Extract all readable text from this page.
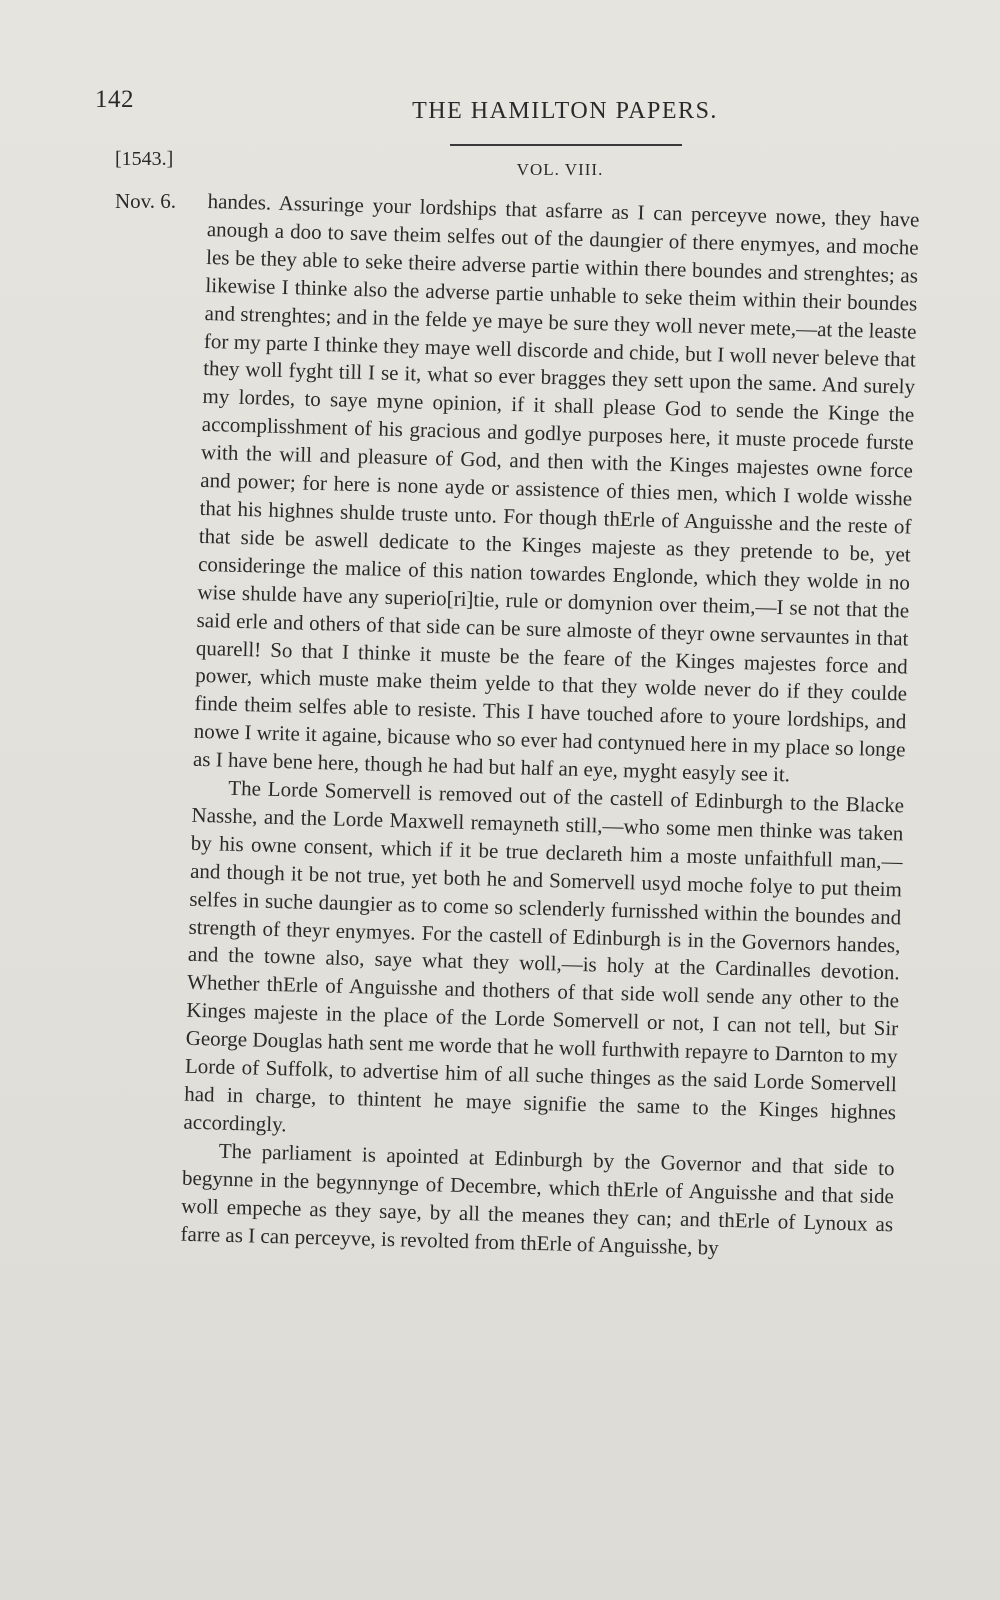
142	THE HAMILTON PAPERS.
[1543.]	VOL. VIII.
Nov. 6.	handes. Assuringe your lordships that asfarre as I can perceyve nowe, they have anough a doo to save theim selfes out of the daungier of there enymyes, and moche les be they able to seke theire adverse partie within there boundes and strenghtes; as likewise I thinke also the adverse partie unhable to seke theim within their boundes and strenghtes; and in the felde ye maye be sure they woll never mete,—at the leaste for my parte I thinke they maye well discorde and chide, but I woll never beleve that they woll fyght till I se it, what so ever bragges they sett upon the same. And surely my lordes, to saye myne opinion, if it shall please God to sende the Kinge the accomplisshment of his gracious and godlye purposes here, it muste procede furste with the will and pleasure of God, and then with the Kinges majestes owne force and power; for here is none ayde or assistence of thies men, which I wolde wisshe that his highnes shulde truste unto. For though thErle of Anguisshe and the reste of that side be aswell dedicate to the Kinges majeste as they pretende to be, yet consideringe the malice of this nation towardes Englonde, which they wolde in no wise shulde have any superio[ri]tie, rule or domynion over theim,—I se not that the said erle and others of that side can be sure almoste of theyr owne servauntes in that quarell! So that I thinke it muste be the feare of the Kinges majestes force and power, which muste make theim yelde to that they wolde never do if they coulde finde theim selfes able to resiste. This I have touched afore to youre lordships, and nowe I write it againe, bicause who so ever had contynued here in my place so longe as I have bene here, though he had but half an eye, myght easyly see it.

The Lorde Somervell is removed out of the castell of Edinburgh to the Blacke Nasshe, and the Lorde Maxwell remayneth still,—who some men thinke was taken by his owne consent, which if it be true declareth him a moste unfaithfull man,—and though it be not true, yet both he and Somervell usyd moche folye to put theim selfes in suche daungier as to come so sclenderly furnisshed within the boundes and strength of theyr enymyes. For the castell of Edinburgh is in the Governors handes, and the towne also, saye what they woll,—is holy at the Cardinalles devotion. Whether thErle of Anguisshe and thothers of that side woll sende any other to the Kinges majeste in the place of the Lorde Somervell or not, I can not tell, but Sir George Douglas hath sent me worde that he woll furthwith repayre to Darnton to my Lorde of Suffolk, to advertise him of all suche thinges as the said Lorde Somervell had in charge, to thintent he maye signifie the same to the Kinges highnes accordingly.

The parliament is apointed at Edinburgh by the Governor and that side to begynne in the begynnynge of Decembre, which thErle of Anguisshe and that side woll empeche as they saye, by all the meanes they can; and thErle of Lynoux as farre as I can perceyve, is revolted from thErle of Anguisshe, by
